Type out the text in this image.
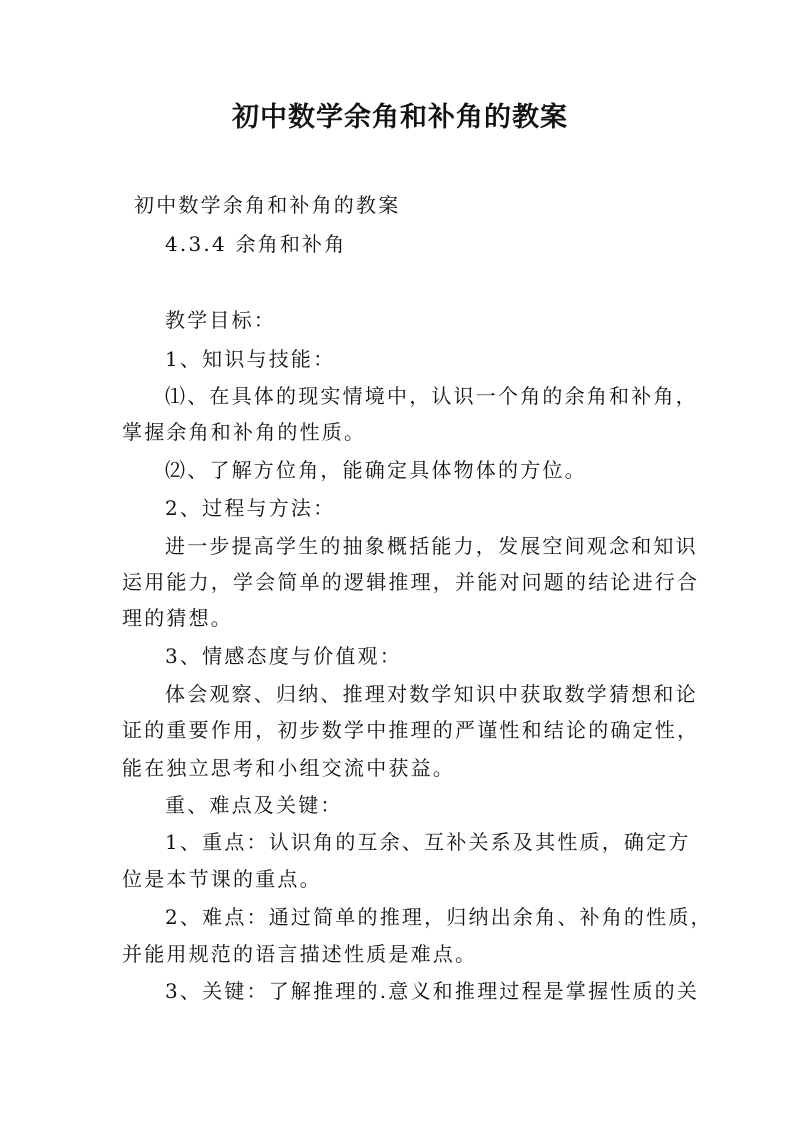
初中数学余角和补角的教案

初中数学余角和补角的教案

4.3.4 余角和补角

教学目标：

1、知识与技能：

⑴、在具体的现实情境中，认识一个角的余角和补角，

掌握余角和补角的性质。

⑵、了解方位角，能确定具体物体的方位。

2、过程与方法：

进一步提高学生的抽象概括能力，发展空间观念和知识

运用能力，学会简单的逻辑推理，并能对问题的结论进行合

理的猜想。

3、情感态度与价值观：

体会观察、归纳、推理对数学知识中获取数学猜想和论

证的重要作用，初步数学中推理的严谨性和结论的确定性，

能在独立思考和小组交流中获益。

重、难点及关键：

1、重点：认识角的互余、互补关系及其性质，确定方

位是本节课的重点。

2、难点：通过简单的推理，归纳出余角、补角的性质，

并能用规范的语言描述性质是难点。

3、关键：了解推理的.意义和推理过程是掌握性质的关
